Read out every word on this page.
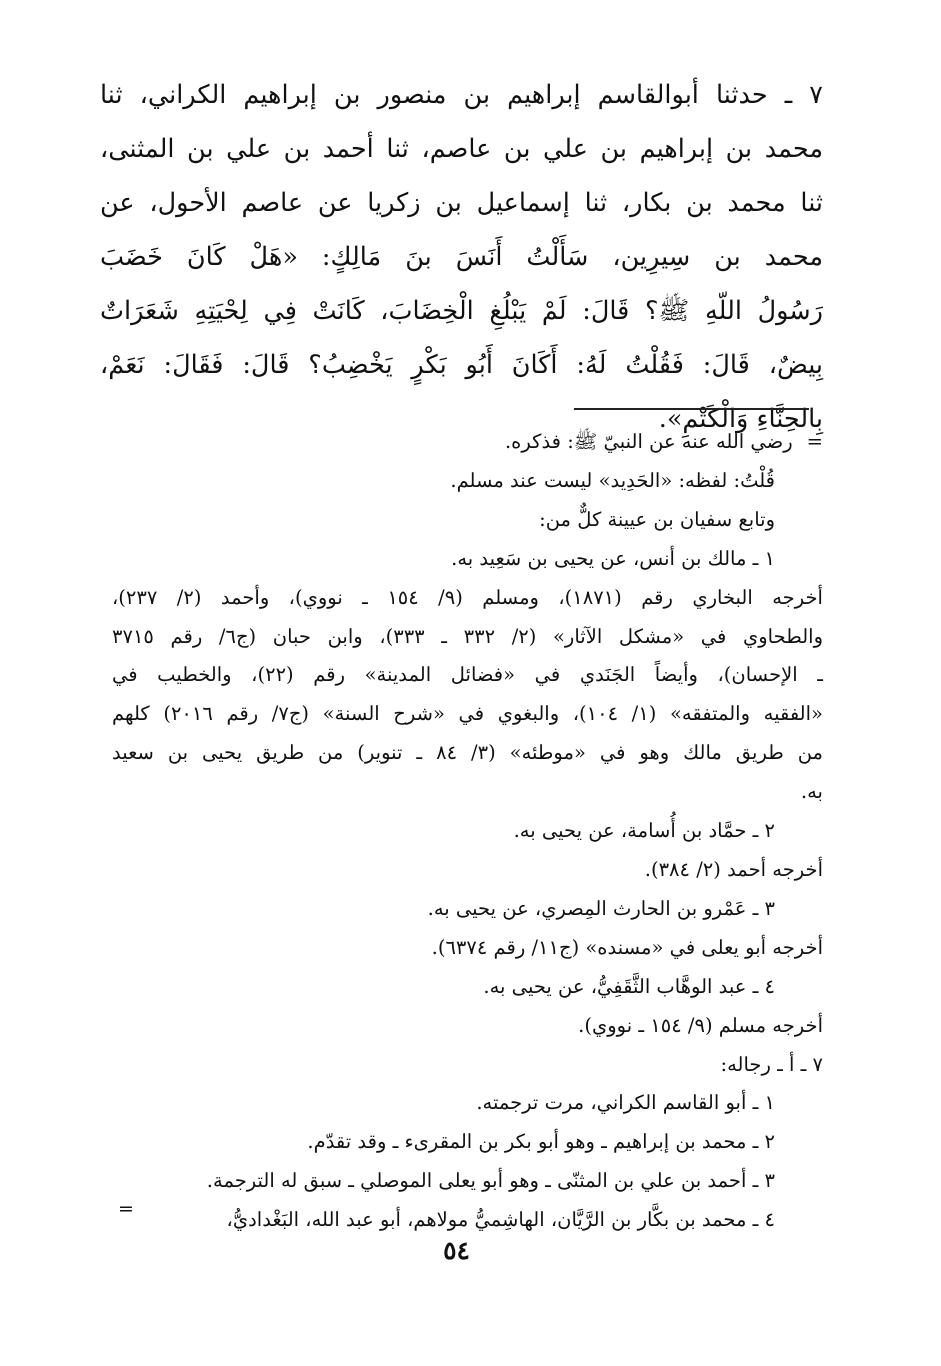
٧ ـ حدثنا أبوالقاسم إبراهيم بن منصور بن إبراهيم الكراني، ثنا
محمد بن إبراهيم بن علي بن عاصم، ثنا أحمد بن علي بن المثنى،
ثنا محمد بن بكار، ثنا إسماعيل بن زكريا عن عاصم الأحول، عن
محمد بن سِيرِين، سَأَلْتُ أَنَسَ بنَ مَالِكٍ: «هَلْ كَانَ خَضَبَ
رَسُولُ اللّهِ ﷺ؟ قَالَ: لَمْ يَبْلُغِ الْخِضَابَ، كَانَتْ فِي لِحْيَتِهِ شَعَرَاتٌ
بِيضٌ، قَالَ: فَقُلْتُ لَهُ: أَكَانَ أَبُو بَكْرٍ يَخْضِبُ؟ قَالَ: فَقَالَ: نَعَمْ،
بِالحِنَّاءِ وَالْكَتْمِ».
=رضي الله عنه عن النبيّ ﷺ: فذكره.
قُلْتُ: لفظه: «الحَدِيد» ليست عند مسلم.
وتابع سفيان بن عيينة كلٌّ من:
١ ـ مالك بن أنس، عن يحيى بن سَعِيد به.
أخرجه البخاري رقم (١٨٧١)، ومسلم (٩/ ١٥٤ ـ نووي)، وأحمد (٢/ ٢٣٧)،
والطحاوي في «مشكل الآثار» (٢/ ٣٣٢ ـ ٣٣٣)، وابن حبان (ج٦/ رقم ٣٧١٥
ـ الإحسان)، وأيضاً الجَنَدي في «فضائل المدينة» رقم (٢٢)، والخطيب في
«الفقيه والمتفقه» (١/ ١٠٤)، والبغوي في «شرح السنة» (ج٧/ رقم ٢٠١٦) كلهم
من طريق مالك وهو في «موطئه» (٣/ ٨٤ ـ تنوير) من طريق يحيى بن سعيد
به.
٢ ـ حمَّاد بن أُسامة، عن يحيى به.
أخرجه أحمد (٢/ ٣٨٤).
٣ ـ عَمْرو بن الحارث المِصري، عن يحيى به.
أخرجه أبو يعلى في «مسنده» (ج١١/ رقم ٦٣٧٤).
٤ ـ عبد الوهَّاب الثَّقَفِيُّ، عن يحيى به.
أخرجه مسلم (٩/ ١٥٤ ـ نووي).
٧ ـ أ ـ رجاله:
١ ـ أبو القاسم الكراني، مرت ترجمته.
٢ ـ محمد بن إبراهيم ـ وهو أبو بكر بن المقرىء ـ وقد تقدّم.
٣ ـ أحمد بن علي بن المثنّى ـ وهو أبو يعلى الموصلي ـ سبق له الترجمة.
٤ ـ محمد بن بكَّار بن الرَّيَّان، الهاشِميُّ مولاهم، أبو عبد الله، البَغْداديُّ،
=
٥٤
